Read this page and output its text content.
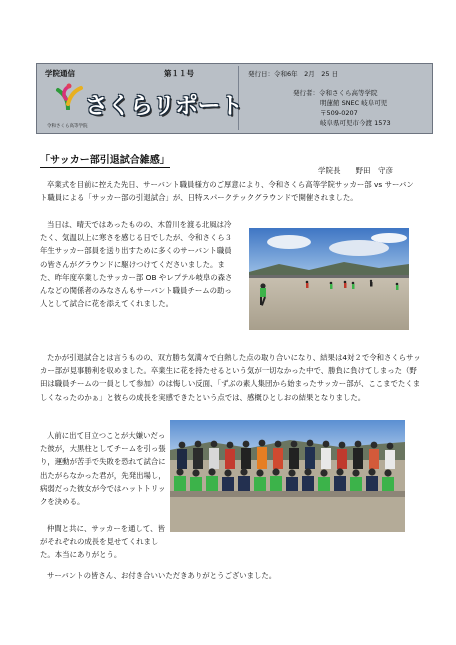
学院通信	第１１号	発行日：令和6年　2月　25 日
さくらリポート
令和さくら高等学院
発行者：令和さくら高等学院
明蓮館 SNEC 岐阜可児
〒509-0207
岐阜県可児市今渡 1573
「サッカー部引退試合雑感」
学院長　　野田　守彦

卒業式を目前に控えた先日、サーバント職員様方のご厚意により、令和さくら高等学院サッカー部 vs サーバント職員による「サッカー部の引退試合」が、日特スパークテックグラウンドで開催されました。

当日は、晴天ではあったものの、木曽川を渡る北風は冷たく、気温以上に寒さを感じる日でしたが、令和さくら３年生サッカー部員を送り出すために多くのサーバント職員の皆さんがグラウンドに駆けつけてくださいました。また、昨年度卒業したサッカー部 OB やレプテル岐阜の森さんなどの関係者のみなさんもサーバント職員チームの助っ人として試合に花を添えてくれました。

たかが引退試合とは言うものの、双方勝ち気満々で白熱した点の取り合いになり、結果は4対２で令和さくらサッカー部が見事勝利を収めました。卒業生に花を持たせるという気が一切なかった中で、勝負に負けてしまった（野田は職員チームの一員として参加）のは悔しい反面、「ずぶの素人集団から始まったサッカー部が、ここまでたくましくなったのかぁ」と彼らの成長を実感できたという点では、感概ひとしおの結果となりました。

人前に出て目立つことが大嫌いだった彼が，大黒柱としてチームを引っ張り，運動が苦手で失敗を恐れて試合に出たがらなかった君が，先発出場し，病弱だった彼女が今ではハットトリックを決める。

仲間と共に、サッカーを通して、皆がそれぞれの成長を見せてくれました。本当にありがとう。

サーバントの皆さん、お付き合いいただきありがとうございました。
